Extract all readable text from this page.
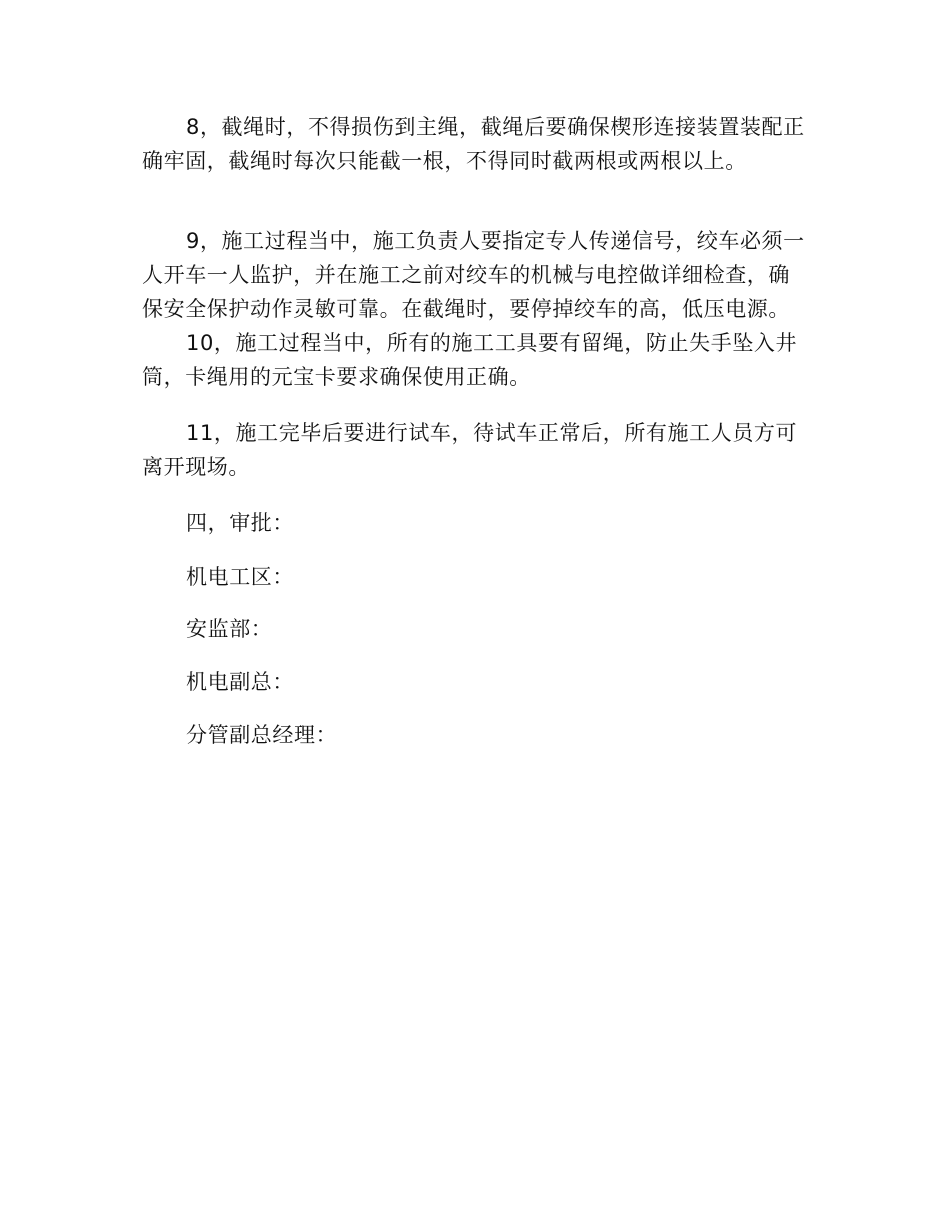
8，截绳时，不得损伤到主绳，截绳后要确保楔形连接装置装配正
确牢固，截绳时每次只能截一根，不得同时截两根或两根以上。

9，施工过程当中，施工负责人要指定专人传递信号，绞车必须一
人开车一人监护，并在施工之前对绞车的机械与电控做详细检查，确
保安全保护动作灵敏可靠。在截绳时，要停掉绞车的高，低压电源。

10，施工过程当中，所有的施工工具要有留绳，防止失手坠入井
筒，卡绳用的元宝卡要求确保使用正确。

11，施工完毕后要进行试车，待试车正常后，所有施工人员方可
离开现场。

四，审批：

机电工区：

安监部：

机电副总：

分管副总经理：
